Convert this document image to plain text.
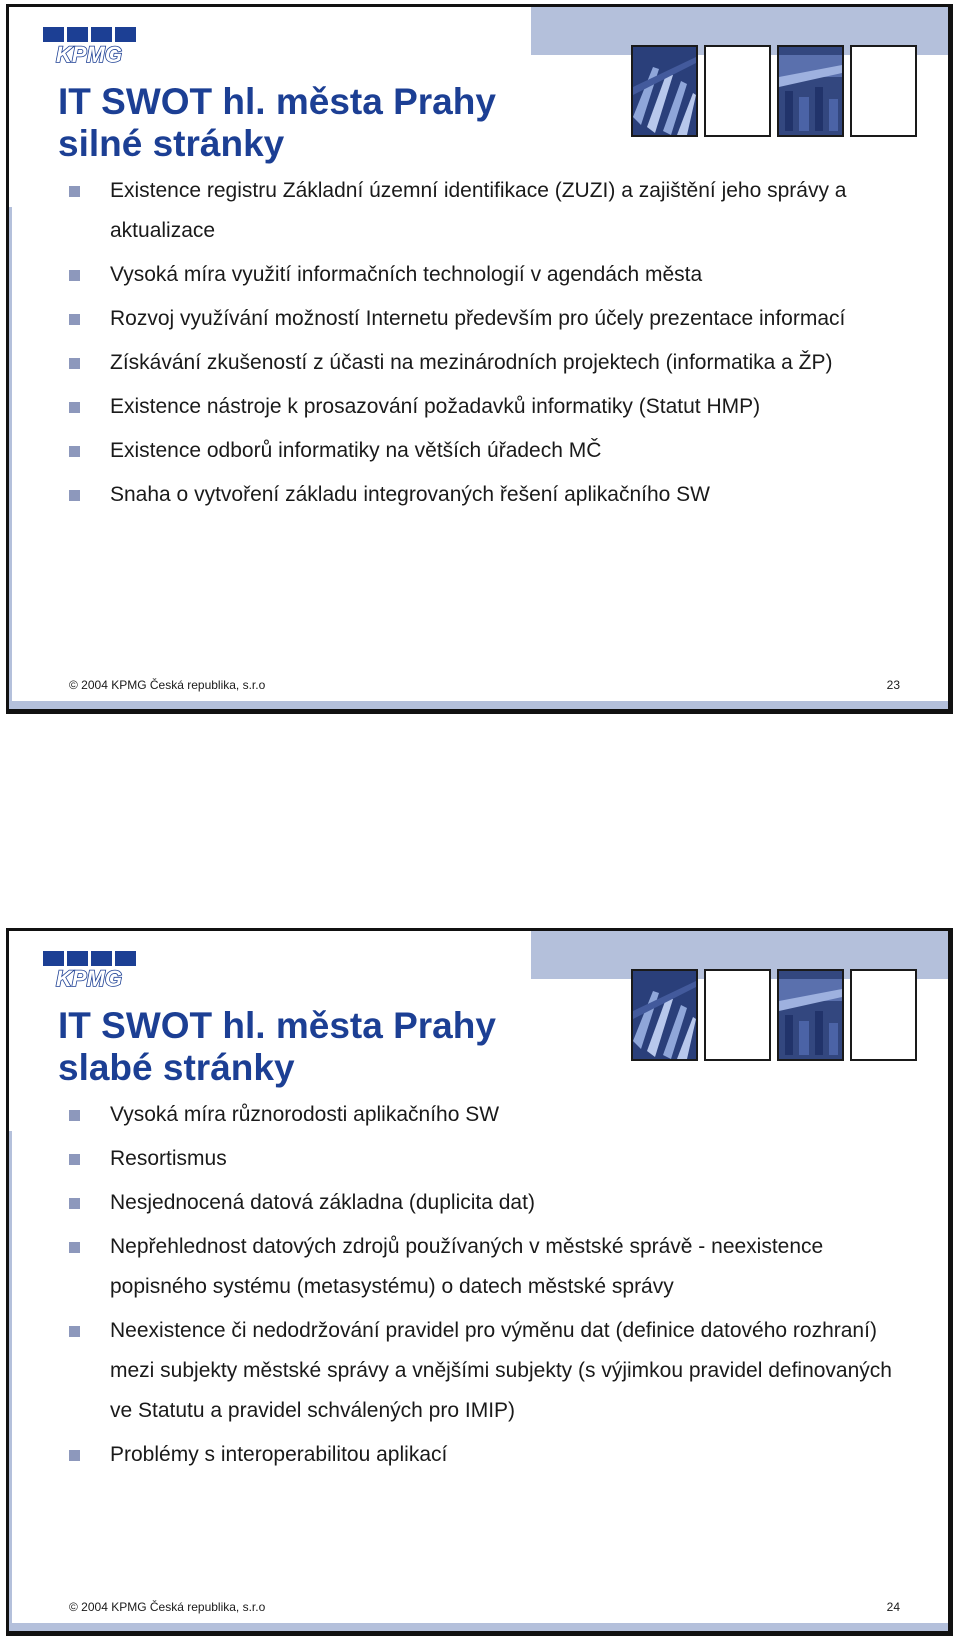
KPMG
IT SWOT hl. města Prahy
silné stránky
Existence registru Základní územní identifikace (ZUZI) a zajištění jeho správy a aktualizace
Vysoká míra využití informačních technologií v agendách města
Rozvoj využívání možností Internetu především pro účely prezentace informací
Získávání zkušeností z účasti na mezinárodních projektech (informatika a ŽP)
Existence nástroje k prosazování požadavků informatiky (Statut HMP)
Existence odborů informatiky na větších úřadech MČ
Snaha o vytvoření základu integrovaných řešení aplikačního SW
© 2004 KPMG Česká republika, s.r.o	23
KPMG
IT SWOT hl. města Prahy
slabé stránky
Vysoká míra různorodosti aplikačního SW
Resortismus
Nesjednocená datová základna (duplicita dat)
Nepřehlednost datových zdrojů používaných v městské správě - neexistence popisného systému (metasystému) o datech městské správy
Neexistence či nedodržování pravidel pro výměnu dat (definice datového rozhraní) mezi subjekty městské správy a vnějšími subjekty (s výjimkou pravidel definovaných ve Statutu a pravidel schválených pro IMIP)
Problémy s interoperabilitou aplikací
© 2004 KPMG Česká republika, s.r.o	24
